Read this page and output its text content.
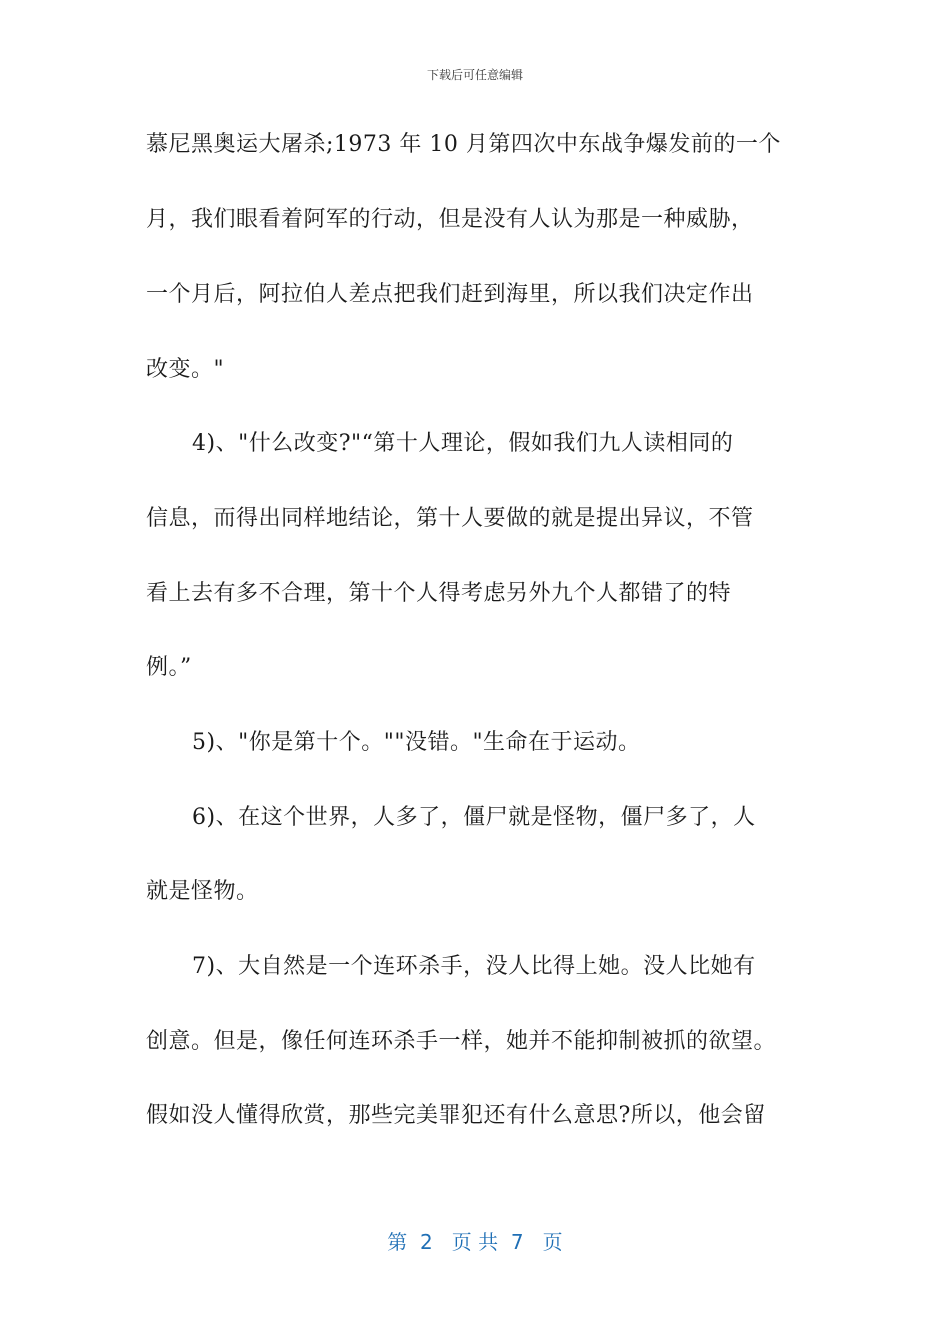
下载后可任意编辑
慕尼黑奥运大屠杀;1973 年 10 月第四次中东战争爆发前的一个
月，我们眼看着阿军的行动，但是没有人认为那是一种威胁，
一个月后，阿拉伯人差点把我们赶到海里，所以我们决定作出
改变。"
4)、"什么改变?"“第十人理论，假如我们九人读相同的
信息，而得出同样地结论，第十人要做的就是提出异议，不管
看上去有多不合理，第十个人得考虑另外九个人都错了的特
例。”
5)、"你是第十个。""没错。"生命在于运动。
6)、在这个世界，人多了，僵尸就是怪物，僵尸多了，人
就是怪物。
7)、大自然是一个连环杀手，没人比得上她。没人比她有
创意。但是，像任何连环杀手一样，她并不能抑制被抓的欲望。
假如没人懂得欣赏，那些完美罪犯还有什么意思?所以，他会留
第  2   页 共  7   页
